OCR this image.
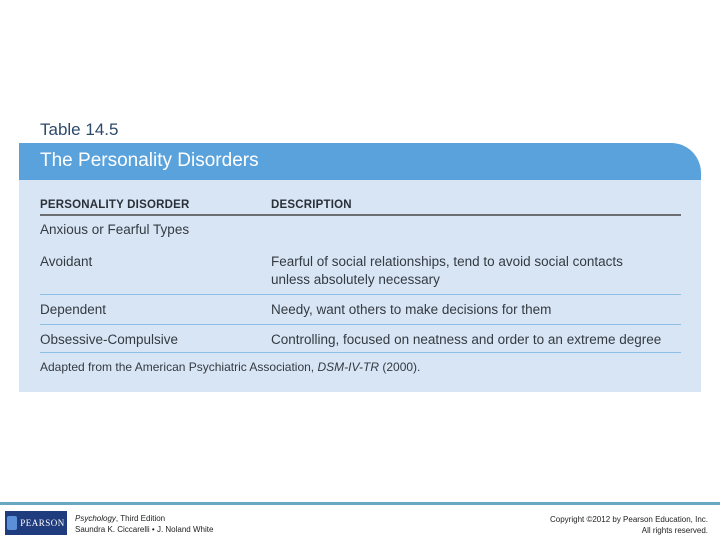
Table 14.5
The Personality Disorders
PERSONALITY DISORDER	DESCRIPTION
Anxious or Fearful Types
Avoidant	Fearful of social relationships, tend to avoid social contacts
unless absolutely necessary
Dependent	Needy, want others to make decisions for them
Obsessive-Compulsive	Controlling, focused on neatness and order to an extreme degree
Adapted from the American Psychiatric Association, DSM-IV-TR (2000).
PEARSON Psychology, Third Edition
Saundra K. Ciccarelli • J. Noland White
Copyright ©2012 by Pearson Education, Inc.
All rights reserved.
